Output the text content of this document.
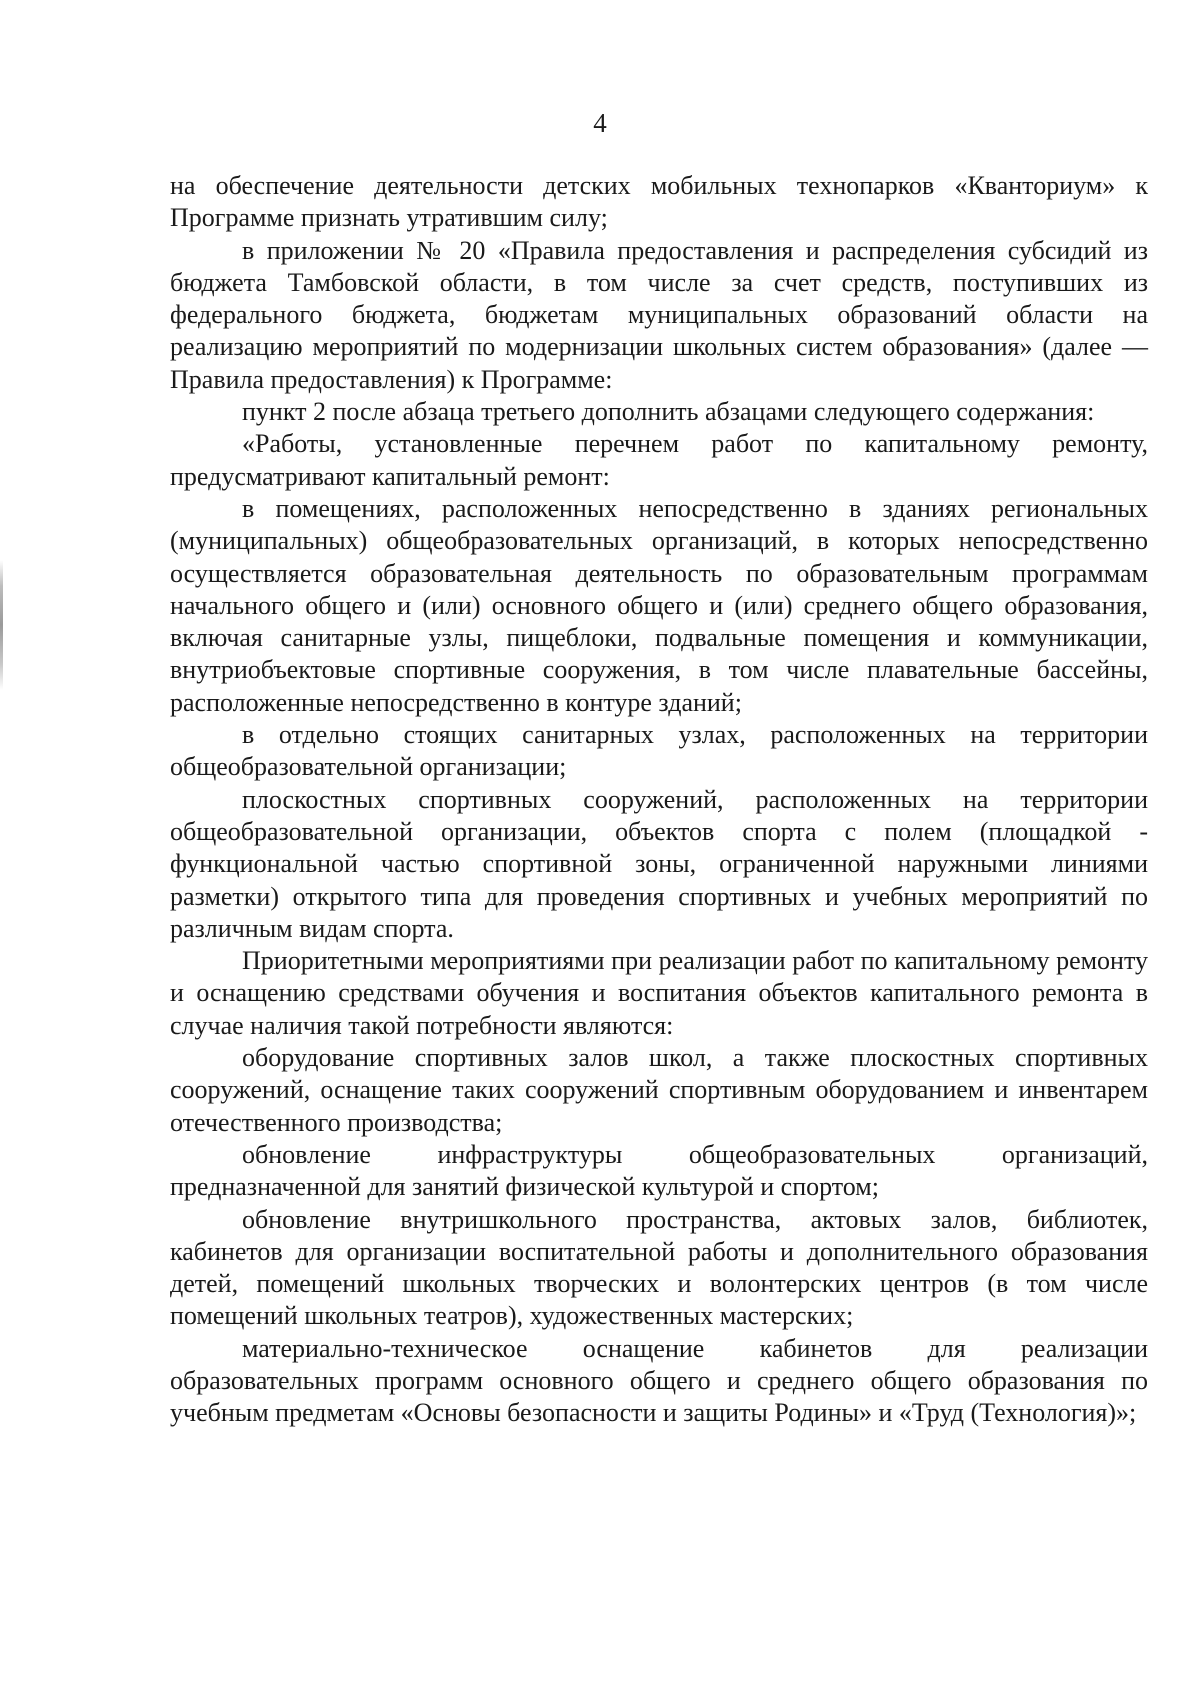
4

на обеспечение деятельности детских мобильных технопарков «Кванториум» к Программе признать утратившим силу;

в приложении № 20 «Правила предоставления и распределения субсидий из бюджета Тамбовской области, в том числе за счет средств, поступивших из федерального бюджета, бюджетам муниципальных образований области на реализацию мероприятий по модернизации школьных систем образования» (далее — Правила предоставления) к Программе:

пункт 2 после абзаца третьего дополнить абзацами следующего содержания:

«Работы, установленные перечнем работ по капитальному ремонту, предусматривают капитальный ремонт:

в помещениях, расположенных непосредственно в зданиях региональных (муниципальных) общеобразовательных организаций, в которых непосредственно осуществляется образовательная деятельность по образовательным программам начального общего и (или) основного общего и (или) среднего общего образования, включая санитарные узлы, пищеблоки, подвальные помещения и коммуникации, внутриобъектовые спортивные сооружения, в том числе плавательные бассейны, расположенные непосредственно в контуре зданий;

в отдельно стоящих санитарных узлах, расположенных на территории общеобразовательной организации;

плоскостных спортивных сооружений, расположенных на территории общеобразовательной организации, объектов спорта с полем (площадкой - функциональной частью спортивной зоны, ограниченной наружными линиями разметки) открытого типа для проведения спортивных и учебных мероприятий по различным видам спорта.

Приоритетными мероприятиями при реализации работ по капитальному ремонту и оснащению средствами обучения и воспитания объектов капитального ремонта в случае наличия такой потребности являются:

оборудование спортивных залов школ, а также плоскостных спортивных сооружений, оснащение таких сооружений спортивным оборудованием и инвентарем отечественного производства;

обновление инфраструктуры общеобразовательных организаций, предназначенной для занятий физической культурой и спортом;

обновление внутришкольного пространства, актовых залов, библиотек, кабинетов для организации воспитательной работы и дополнительного образования детей, помещений школьных творческих и волонтерских центров (в том числе помещений школьных театров), художественных мастерских;

материально-техническое оснащение кабинетов для реализации образовательных программ основного общего и среднего общего образования по учебным предметам «Основы безопасности и защиты Родины» и «Труд (Технология)»;
